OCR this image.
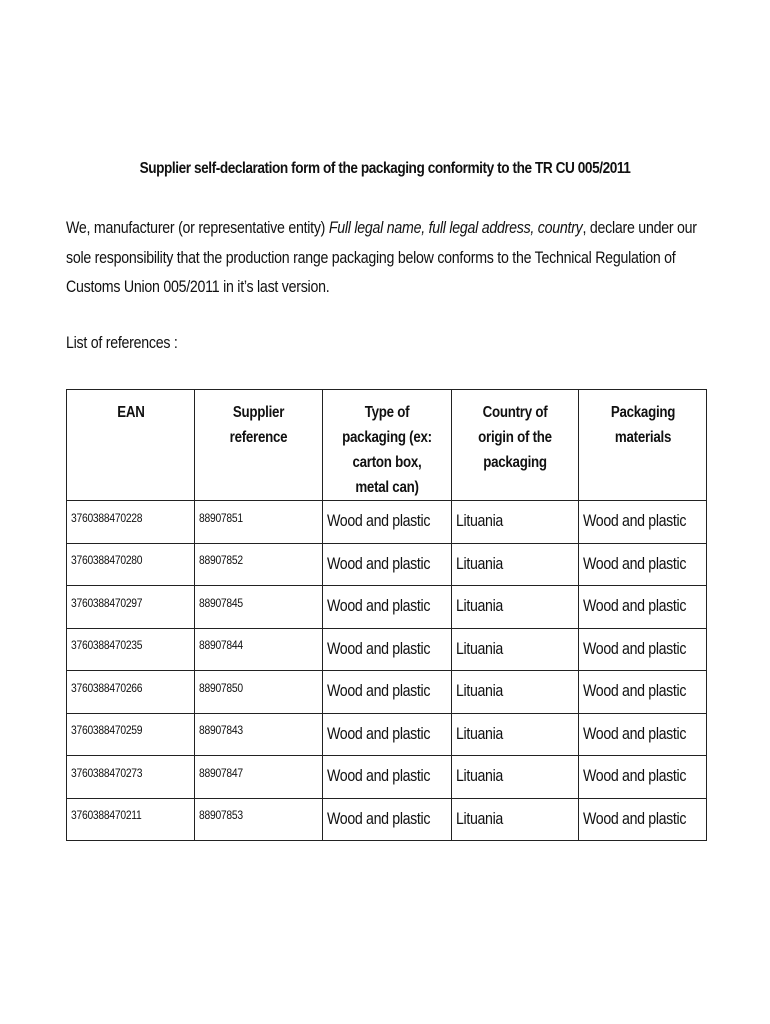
Supplier self-declaration form of the packaging conformity to the TR CU 005/2011
We, manufacturer (or representative entity) Full legal name, full legal address, country, declare under our sole responsibility that the production range packaging below conforms to the Technical Regulation of Customs Union 005/2011 in it’s last version.
List of references :
EAN	Supplier reference	Type of packaging (ex: carton box, metal can)	Country of origin of the packaging	Packaging materials
3760388470228	88907851	Wood and plastic	Lituania	Wood and plastic
3760388470280	88907852	Wood and plastic	Lituania	Wood and plastic
3760388470297	88907845	Wood and plastic	Lituania	Wood and plastic
3760388470235	88907844	Wood and plastic	Lituania	Wood and plastic
3760388470266	88907850	Wood and plastic	Lituania	Wood and plastic
3760388470259	88907843	Wood and plastic	Lituania	Wood and plastic
3760388470273	88907847	Wood and plastic	Lituania	Wood and plastic
3760388470211	88907853	Wood and plastic	Lituania	Wood and plastic
